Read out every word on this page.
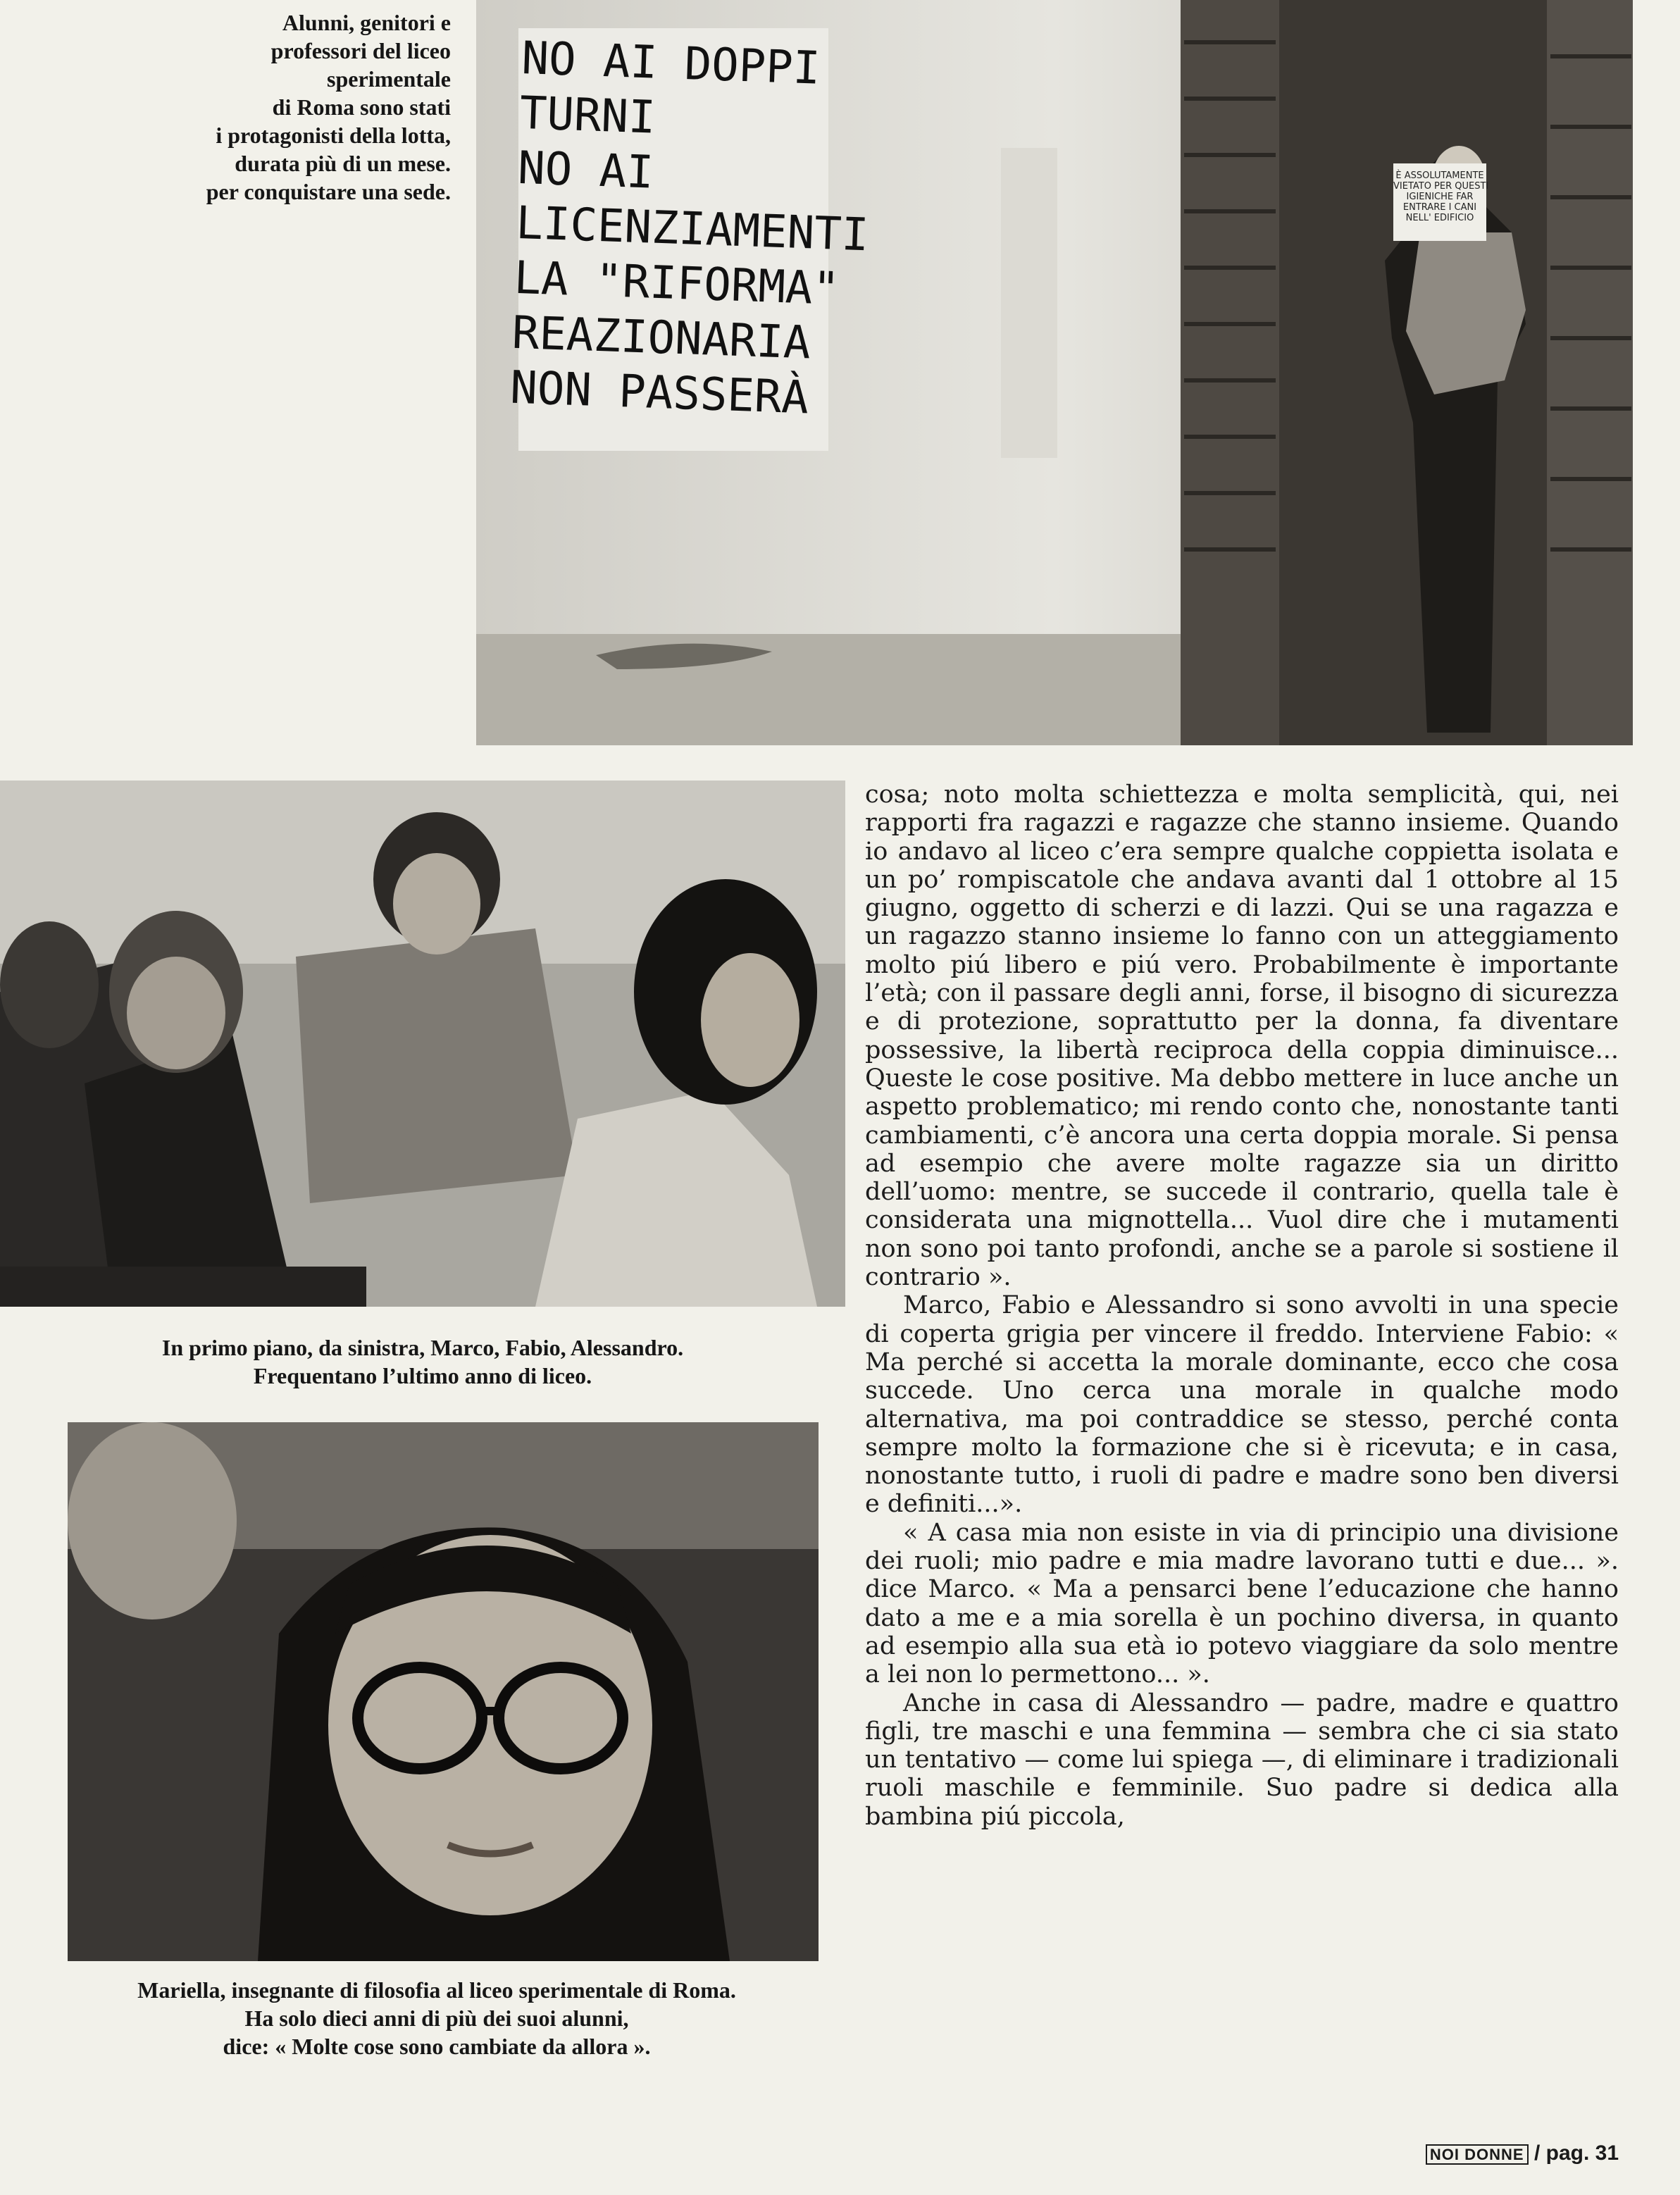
Alunni, genitori e
professori del liceo
sperimentale
di Roma sono stati
i protagonisti della lotta,
durata più di un mese.
per conquistare una sede.
NO AI DOPPI
TURNI
NO AI
LICENZIAMENTI
LA "RIFORMA"
REAZIONARIA
NON PASSERÀ
È ASSOLUTAMENTE
VIETATO PER QUESTI
IGIENICHE FAR
ENTRARE I CANI
NELL' EDIFICIO
In primo piano, da sinistra, Marco, Fabio, Alessandro.
Frequentano l’ultimo anno di liceo.
Mariella, insegnante di filosofia al liceo sperimentale di Roma.
Ha solo dieci anni di più dei suoi alunni,
dice: « Molte cose sono cambiate da allora ».

cosa; noto molta schiettezza e molta semplicità, qui, nei rapporti fra ragazzi e ragazze che stanno insieme. Quando io andavo al liceo c’era sempre qualche coppietta isolata e un po’ rompiscatole che andava avanti dal 1 ottobre al 15 giugno, oggetto di scherzi e di lazzi. Qui se una ragazza e un ragazzo stanno insieme lo fanno con un atteggiamento molto piú libero e piú vero. Probabilmente è importante l’età; con il passare degli anni, forse, il bisogno di sicurezza e di protezione, soprattutto per la donna, fa diventare possessive, la libertà reciproca della coppia diminuisce... Queste le cose positive. Ma debbo mettere in luce anche un aspetto problematico; mi rendo conto che, nonostante tanti cambiamenti, c’è ancora una certa doppia morale. Si pensa ad esempio che avere molte ragazze sia un diritto dell’uomo: mentre, se succede il contrario, quella tale è considerata una mignottella... Vuol dire che i mutamenti non sono poi tanto profondi, anche se a parole si sostiene il contrario ».

Marco, Fabio e Alessandro si sono avvolti in una specie di coperta grigia per vincere il freddo. Interviene Fabio: « Ma perché si accetta la morale dominante, ecco che cosa succede. Uno cerca una morale in qualche modo alternativa, ma poi contraddice se stesso, perché conta sempre molto la formazione che si è ricevuta; e in casa, nonostante tutto, i ruoli di padre e madre sono ben diversi e definiti...».

« A casa mia non esiste in via di principio una divisione dei ruoli; mio padre e mia madre lavorano tutti e due... ». dice Marco. « Ma a pensarci bene l’educazione che hanno dato a me e a mia sorella è un pochino diversa, in quanto ad esempio alla sua età io potevo viaggiare da solo mentre a lei non lo permettono... ».

Anche in casa di Alessandro — padre, madre e quattro figli, tre maschi e una femmina — sembra che ci sia stato un tentativo — come lui spiega —, di eliminare i tradizionali ruoli maschile e femminile. Suo padre si dedica alla bambina piú piccola,

NOI DONNE / pag. 31
